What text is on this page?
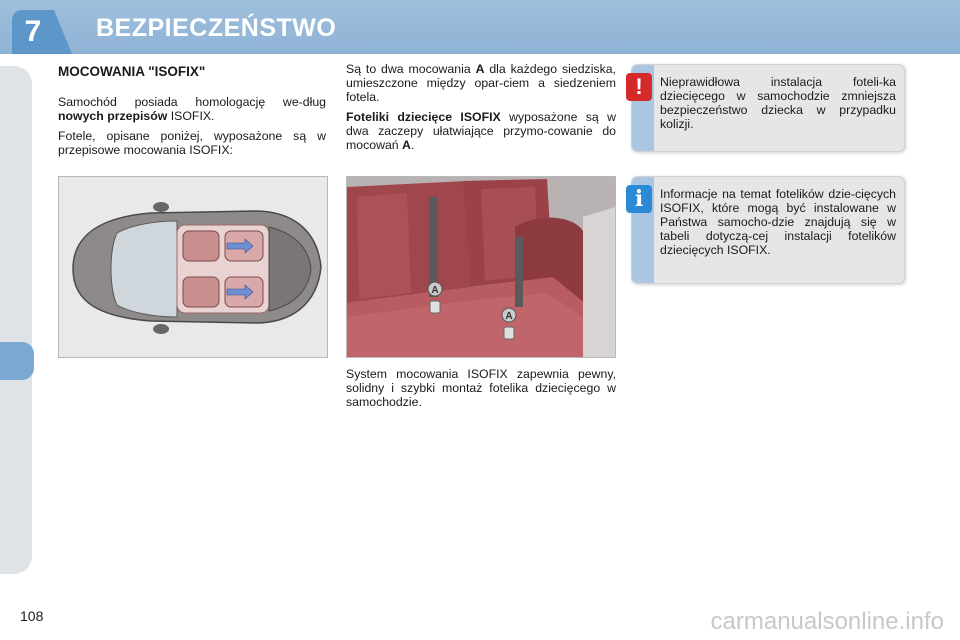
7 BEZPIECZEŃSTWO
MOCOWANIA "ISOFIX"

Samochód posiada homologację we-dług nowych przepisów ISOFIX.

Fotele, opisane poniżej, wyposażone są w przepisowe mocowania ISOFIX:

Są to dwa mocowania A dla każdego siedziska, umieszczone między opar-ciem a siedzeniem fotela.

Foteliki dziecięce ISOFIX wyposażone są w dwa zaczepy ułatwiające przymo-cowanie do mocowań A.

A
A

System mocowania ISOFIX zapewnia pewny, solidny i szybki montaż fotelika dziecięcego w samochodzie.

!	Nieprawidłowa instalacja foteli-ka dziecięcego w samochodzie zmniejsza bezpieczeństwo dziecka w przypadku kolizji.
i	Informacje na temat fotelików dzie-cięcych ISOFIX, które mogą być instalowane w Państwa samocho-dzie znajdują się w tabeli dotyczą-cej instalacji fotelików dziecięcych ISOFIX.
108	carmanualsonline.info
